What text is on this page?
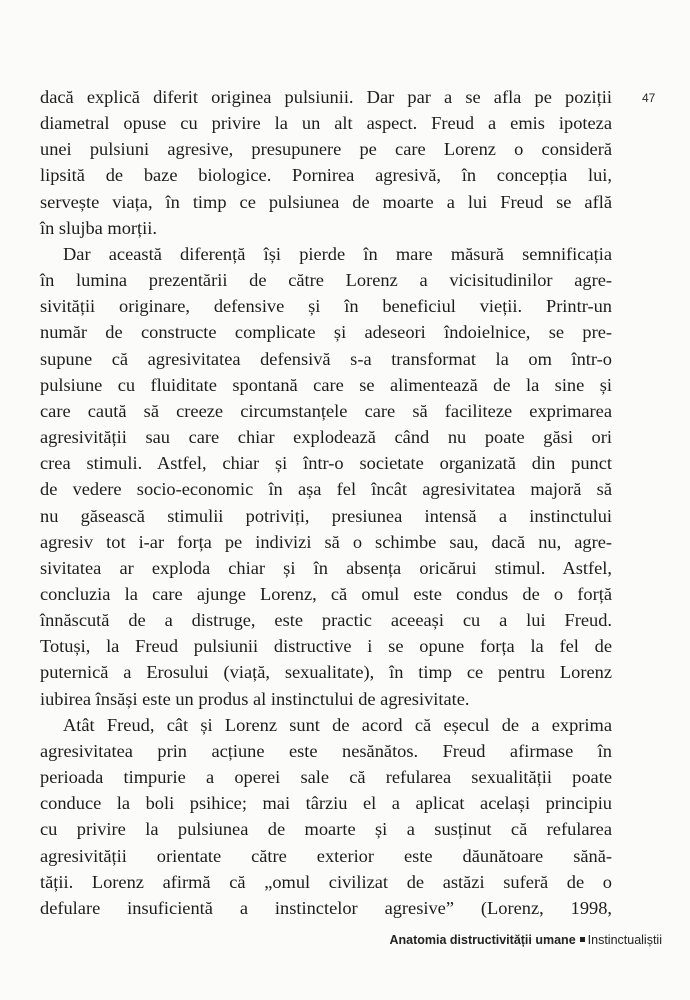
47

dacă explică diferit originea pulsiunii. Dar par a se afla pe poziții
diametral opuse cu privire la un alt aspect. Freud a emis ipoteza
unei pulsiuni agresive, presupunere pe care Lorenz o consideră
lipsită de baze biologice. Pornirea agresivă, în concepția lui,
servește viața, în timp ce pulsiunea de moarte a lui Freud se află
în slujba morții.

Dar această diferență își pierde în mare măsură semnificația
în lumina prezentării de către Lorenz a vicisitudinilor agre-
sivității originare, defensive și în beneficiul vieții. Printr-un
număr de constructe complicate și adeseori îndoielnice, se pre-
supune că agresivitatea defensivă s-a transformat la om într-o
pulsiune cu fluiditate spontană care se alimentează de la sine și
care caută să creeze circumstanțele care să faciliteze exprimarea
agresivității sau care chiar explodează când nu poate găsi ori
crea stimuli. Astfel, chiar și într-o societate organizată din punct
de vedere socio-economic în așa fel încât agresivitatea majoră să
nu găsească stimulii potriviți, presiunea intensă a instinctului
agresiv tot i-ar forța pe indivizi să o schimbe sau, dacă nu, agre-
sivitatea ar exploda chiar și în absența oricărui stimul. Astfel,
concluzia la care ajunge Lorenz, că omul este condus de o forță
înnăscută de a distruge, este practic aceeași cu a lui Freud.
Totuși, la Freud pulsiunii distructive i se opune forța la fel de
puternică a Erosului (viață, sexualitate), în timp ce pentru Lorenz
iubirea însăși este un produs al instinctului de agresivitate.

Atât Freud, cât și Lorenz sunt de acord că eșecul de a exprima
agresivitatea prin acțiune este nesănătos. Freud afirmase în
perioada timpurie a operei sale că refularea sexualității poate
conduce la boli psihice; mai târziu el a aplicat același principiu
cu privire la pulsiunea de moarte și a susținut că refularea
agresivității orientate către exterior este dăunătoare sănă-
tății. Lorenz afirmă că „omul civilizat de astăzi suferă de o
defulare insuficientă a instinctelor agresive” (Lorenz, 1998,

Anatomia distructivității umane Instinctualiștii
